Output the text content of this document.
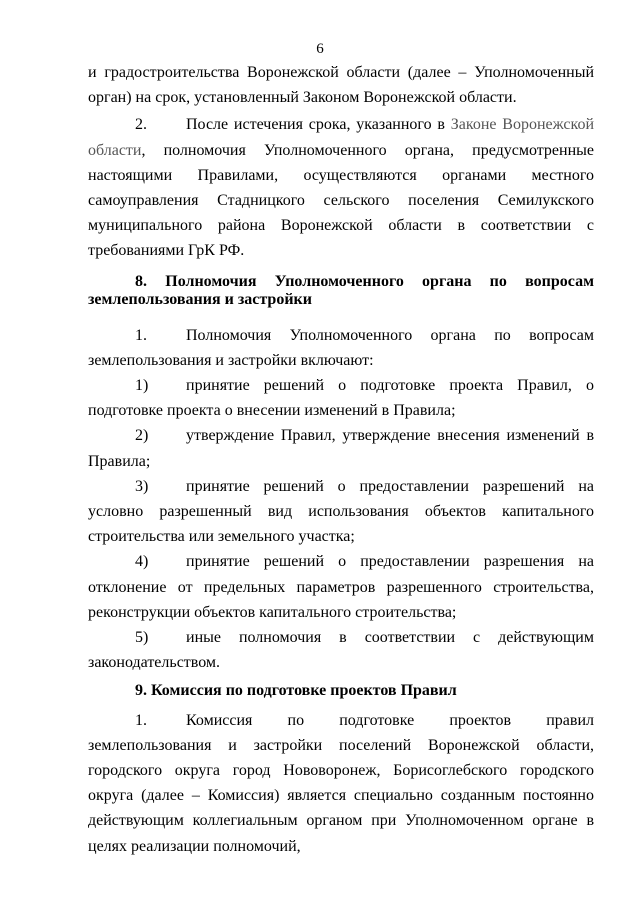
6

и градостроительства Воронежской области (далее – Уполномоченный орган) на срок, установленный Законом Воронежской области.

2. После истечения срока, указанного в Законе Воронежской области, полномочия Уполномоченного органа, предусмотренные настоящими Правилами, осуществляются органами местного самоуправления Стадницкого сельского поселения Семилукского муниципального района Воронежской области в соответствии с требованиями ГрК РФ.

8. Полномочия Уполномоченного органа по вопросам землепользования и застройки

1. Полномочия Уполномоченного органа по вопросам землепользования и застройки включают:

1) принятие решений о подготовке проекта Правил, о подготовке проекта о внесении изменений в Правила;

2) утверждение Правил, утверждение внесения изменений в Правила;

3) принятие решений о предоставлении разрешений на условно разрешенный вид использования объектов капитального строительства или земельного участка;

4) принятие решений о предоставлении разрешения на отклонение от предельных параметров разрешенного строительства, реконструкции объектов капитального строительства;

5) иные полномочия в соответствии с действующим законодательством.

9. Комиссия по подготовке проектов Правил

1. Комиссия по подготовке проектов правил землепользования и застройки поселений Воронежской области, городского округа город Нововоронеж, Борисоглебского городского округа (далее – Комиссия) является специально созданным постоянно действующим коллегиальным органом при Уполномоченном органе в целях реализации полномочий,
